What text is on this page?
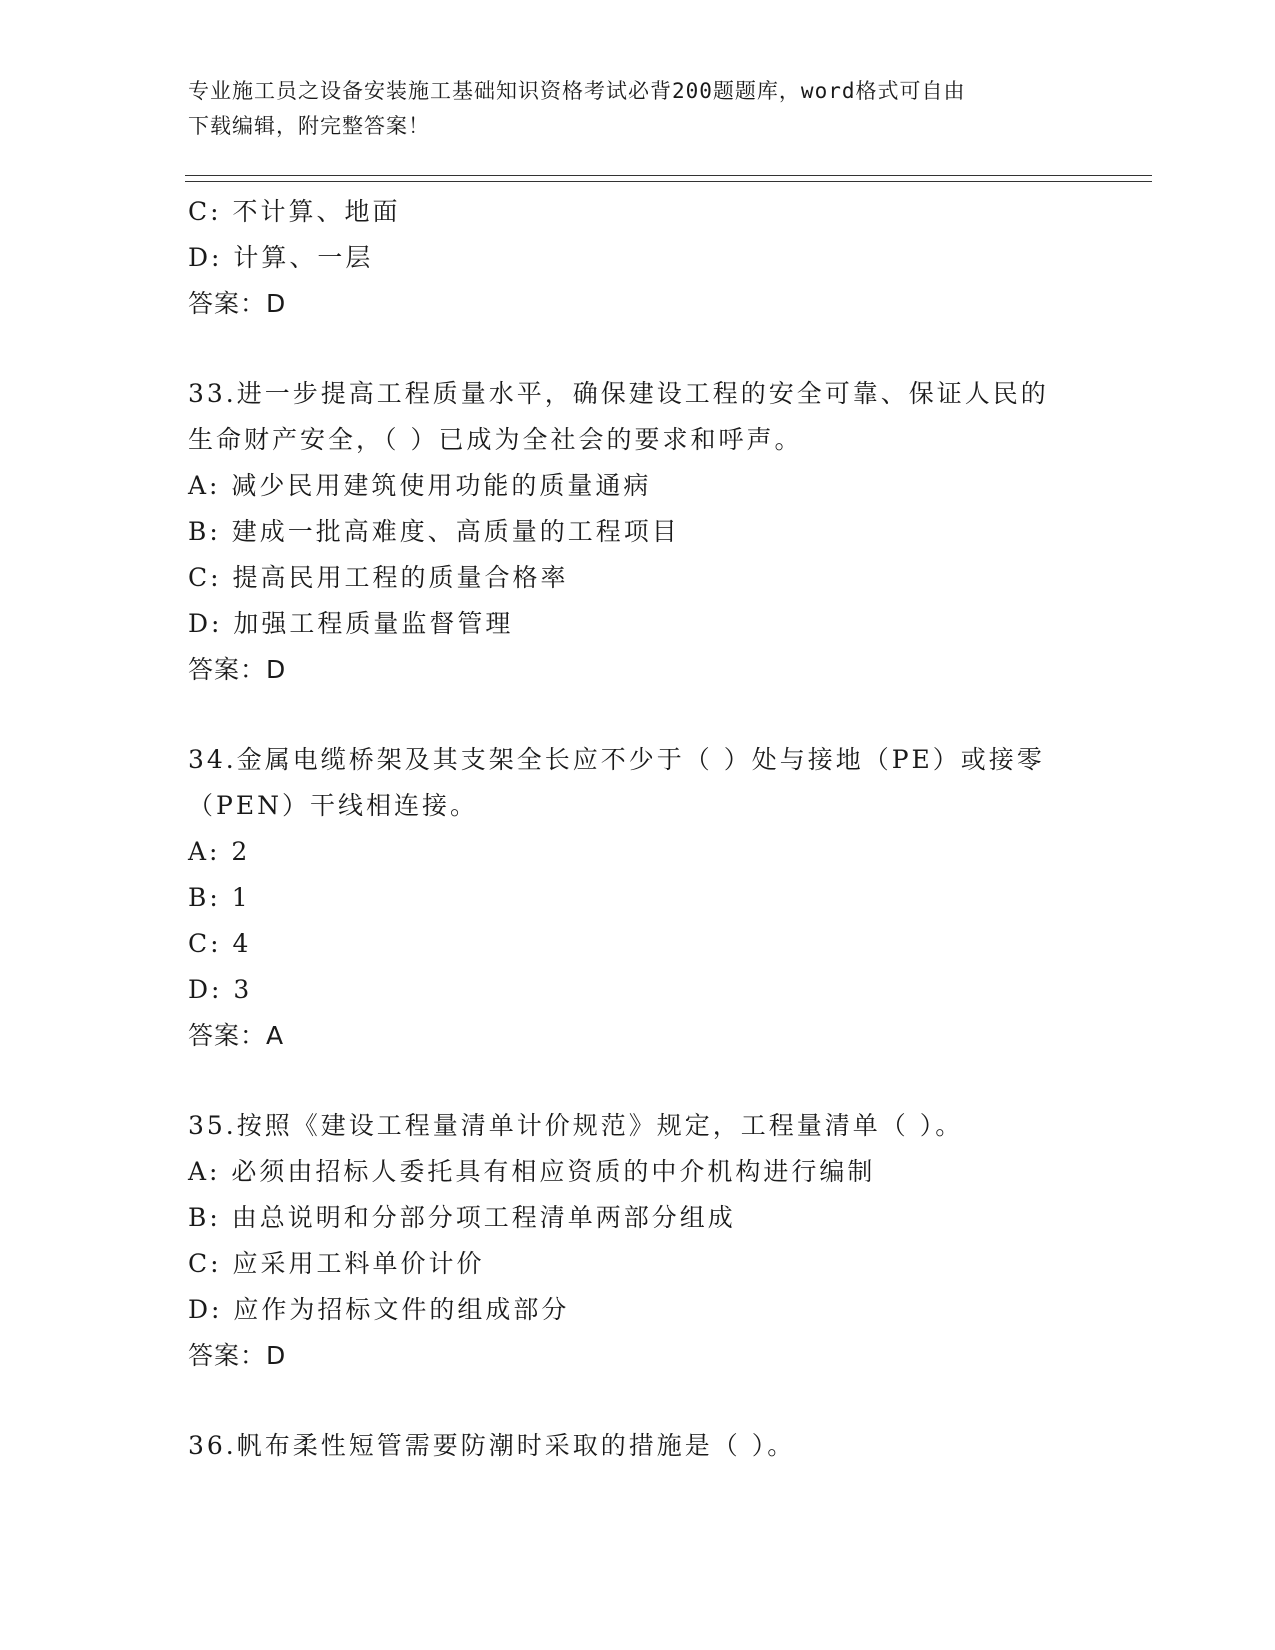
专业施工员之设备安装施工基础知识资格考试必背200题题库，word格式可自由
下载编辑，附完整答案！
C: 不计算、地面
D: 计算、一层
答案：D
33.进一步提高工程质量水平，确保建设工程的安全可靠、保证人民的
生命财产安全，（ ）已成为全社会的要求和呼声。
A: 减少民用建筑使用功能的质量通病
B: 建成一批高难度、高质量的工程项目
C: 提高民用工程的质量合格率
D: 加强工程质量监督管理
答案：D
34.金属电缆桥架及其支架全长应不少于（ ）处与接地（PE）或接零
（PEN）干线相连接。
A: 2
B: 1
C: 4
D: 3
答案：A
35.按照《建设工程量清单计价规范》规定，工程量清单（ ）。
A: 必须由招标人委托具有相应资质的中介机构进行编制
B: 由总说明和分部分项工程清单两部分组成
C: 应采用工料单价计价
D: 应作为招标文件的组成部分
答案：D
36.帆布柔性短管需要防潮时采取的措施是（ ）。
